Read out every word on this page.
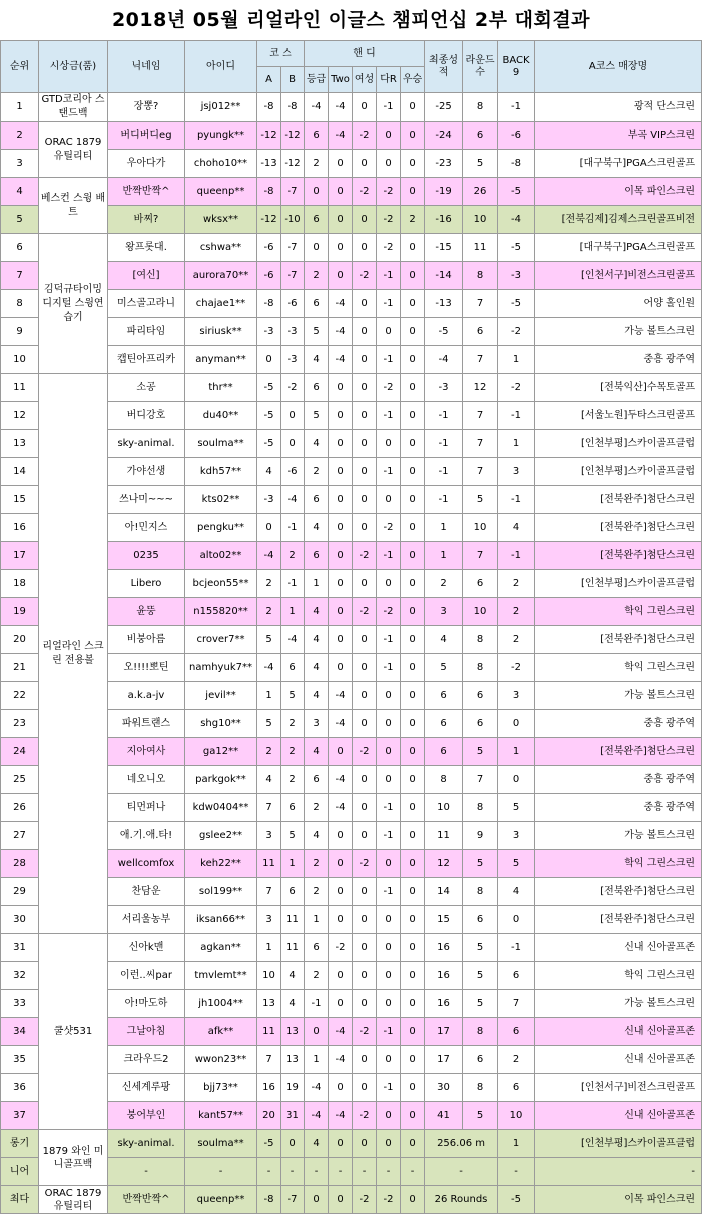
2018년 05월 리얼라인 이글스 챔피언십 2부 대회결과
순위	시상금(품)	닉네임	아이디	코 스		핸 디					최종성적	라운드수	BACK 9	A코스 매장명
				A	B	등급	Two	여성	다R	우승				
1	GTD코리아 스탠드백	장뽕?	jsj012**	-8	-8	-4	-4	0	-1	0	-25	8	-1	광적 단스크린
2	ORAC 1879 유틸리티	버디버디eg	pyungk**	-12	-12	6	-4	-2	0	0	-24	6	-6	부곡 VIP스크린
3		우아다가	choho10**	-13	-12	2	0	0	0	0	-23	5	-8	[대구북구]PGA스크린골프
4	베스컨 스윙 배트	반짝반짝^	queenp**	-8	-7	0	0	-2	-2	0	-19	26	-5	이목 파인스크린
5		바찌?	wksx**	-12	-10	6	0	0	-2	2	-16	10	-4	[전북김제]김제스크린골프비전
6	김덕규타이밍 디지털 스윙연습기	왕프롯대.	cshwa**	-6	-7	0	0	0	-2	0	-15	11	-5	[대구북구]PGA스크린골프
7		[여신]	aurora70**	-6	-7	2	0	-2	-1	0	-14	8	-3	[인천서구]비전스크린골프
8		미스골고라니	chajae1**	-8	-6	6	-4	0	-1	0	-13	7	-5	어양 홀인원
9		파리타임	siriusk**	-3	-3	5	-4	0	0	0	-5	6	-2	가능 볼트스크린
10		캡틴아프리카	anyman**	0	-3	4	-4	0	-1	0	-4	7	1	중흥 광주역
11	리얼라인 스크린 전용볼	소공	thr**	-5	-2	6	0	0	-2	0	-3	12	-2	[전북익산]수목토골프
12		버디강호	du40**	-5	0	5	0	0	-1	0	-1	7	-1	[서울노원]두타스크린골프
13		sky-animal.	soulma**	-5	0	4	0	0	0	0	-1	7	1	[인천부평]스카이골프클럽
14		가야선생	kdh57**	4	-6	2	0	0	-1	0	-1	7	3	[인천부평]스카이골프클럽
15		쓰나미~~~	kts02**	-3	-4	6	0	0	0	0	-1	5	-1	[전북완주]첨단스크린
16		아!민지스	pengku**	0	-1	4	0	0	-2	0	1	10	4	[전북완주]첨단스크린
17		0235	alto02**	-4	2	6	0	-2	-1	0	1	7	-1	[전북완주]첨단스크린
18		Libero	bcjeon55**	2	-1	1	0	0	0	0	2	6	2	[인천부평]스카이골프클럽
19		윤뚱	n155820**	2	1	4	0	-2	-2	0	3	10	2	학익 그린스크린
20		비붕아름	crover7**	5	-4	4	0	0	-1	0	4	8	2	[전북완주]첨단스크린
21		오!!!!뽀틴	namhyuk7**	-4	6	4	0	0	-1	0	5	8	-2	학익 그린스크린
22		a.k.a-jv	jevil**	1	5	4	-4	0	0	0	6	6	3	가능 볼트스크린
23		파워트랜스	shg10**	5	2	3	-4	0	0	0	6	6	0	중흥 광주역
24		지아여사	ga12**	2	2	4	0	-2	0	0	6	5	1	[전북완주]첨단스크린
25		네오니오	parkgok**	4	2	6	-4	0	0	0	8	7	0	중흥 광주역
26		티먼퍼나	kdw0404**	7	6	2	-4	0	-1	0	10	8	5	중흥 광주역
27		애.기.애.타!	gslee2**	3	5	4	0	0	-1	0	11	9	3	가능 볼트스크린
28		wellcomfox	keh22**	11	1	2	0	-2	0	0	12	5	5	학익 그린스크린
29		찬담운	sol199**	7	6	2	0	0	-1	0	14	8	4	[전북완주]첨단스크린
30		서리울농부	iksan66**	3	11	1	0	0	0	0	15	6	0	[전북완주]첨단스크린
31	쿨샷531	신아k맨	agkan**	1	11	6	-2	0	0	0	16	5	-1	신내 신아골프존
32		이런..씨par	tmvlemt**	10	4	2	0	0	0	0	16	5	6	학익 그린스크린
33		아!마도하	jh1004**	13	4	-1	0	0	0	0	16	5	7	가능 볼트스크린
34		그날아침	afk**	11	13	0	-4	-2	-1	0	17	8	6	신내 신아골프존
35		크라우드2	wwon23**	7	13	1	-4	0	0	0	17	6	2	신내 신아골프존
36		신세계루팡	bjj73**	16	19	-4	0	0	-1	0	30	8	6	[인천서구]비전스크린골프
37		붕어부인	kant57**	20	31	-4	-4	-2	0	0	41	5	10	신내 신아골프존
롱기	1879 와인 미니골프백	sky-animal.	soulma**	-5	0	4	0	0	0	0	256.06 m		1	[인천부평]스카이골프클럽
니어		-	-	-	-	-	-	-	-	-	-		-	-
최다	ORAC 1879 유틸리티	반짝반짝^	queenp**	-8	-7	0	0	-2	-2	0	26 Rounds		-5	이목 파인스크린
